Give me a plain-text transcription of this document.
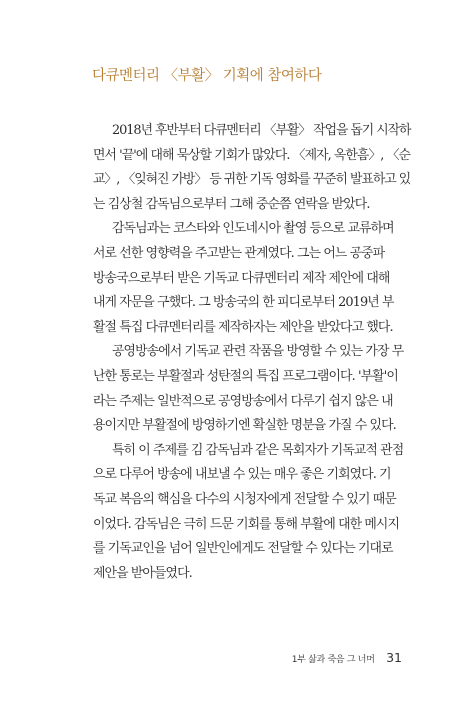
다큐멘터리 〈부활〉 기획에 참여하다
2018년 후반부터 다큐멘터리 〈부활〉 작업을 돕기 시작하
면서 '끝'에 대해 묵상할 기회가 많았다. 〈제자, 옥한흠〉, 〈순
교〉, 〈잊혀진 가방〉 등 귀한 기독 영화를 꾸준히 발표하고 있
는 김상철 감독님으로부터 그해 중순쯤 연락을 받았다.
감독님과는 코스타와 인도네시아 촬영 등으로 교류하며
서로 선한 영향력을 주고받는 관계였다. 그는 어느 공중파
방송국으로부터 받은 기독교 다큐멘터리 제작 제안에 대해
내게 자문을 구했다. 그 방송국의 한 피디로부터 2019년 부
활절 특집 다큐멘터리를 제작하자는 제안을 받았다고 했다.
공영방송에서 기독교 관련 작품을 방영할 수 있는 가장 무
난한 통로는 부활절과 성탄절의 특집 프로그램이다. '부활'이
라는 주제는 일반적으로 공영방송에서 다루기 쉽지 않은 내
용이지만 부활절에 방영하기엔 확실한 명분을 가질 수 있다.
특히 이 주제를 김 감독님과 같은 목회자가 기독교적 관점
으로 다루어 방송에 내보낼 수 있는 매우 좋은 기회였다. 기
독교 복음의 핵심을 다수의 시청자에게 전달할 수 있기 때문
이었다. 감독님은 극히 드문 기회를 통해 부활에 대한 메시지
를 기독교인을 넘어 일반인에게도 전달할 수 있다는 기대로
제안을 받아들였다.
1부 삶과 죽음 그 너머 31
